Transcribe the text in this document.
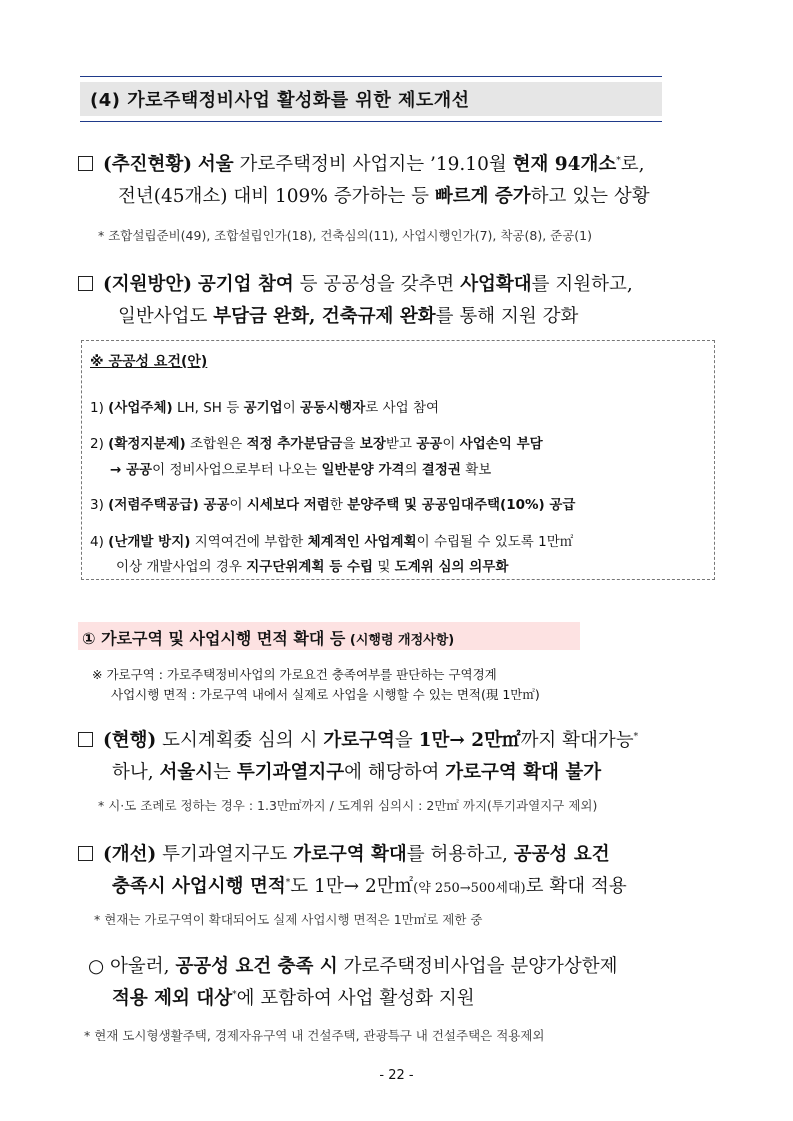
(4) 가로주택정비사업 활성화를 위한 제도개선
(추진현황) 서울 가로주택정비 사업지는 ’19.10월 현재 94개소*로,
전년(45개소) 대비 109% 증가하는 등 빠르게 증가하고 있는 상황
* 조합설립준비(49), 조합설립인가(18), 건축심의(11), 사업시행인가(7), 착공(8), 준공(1)
(지원방안) 공기업 참여 등 공공성을 갖추면 사업확대를 지원하고,
일반사업도 부담금 완화, 건축규제 완화를 통해 지원 강화
※ 공공성 요건(안)
1) (사업주체) LH, SH 등 공기업이 공동시행자로 사업 참여
2) (확정지분제) 조합원은 적정 추가분담금을 보장받고 공공이 사업손익 부담
→ 공공이 정비사업으로부터 나오는 일반분양 가격의 결정권 확보
3) (저렴주택공급) 공공이 시세보다 저렴한 분양주택 및 공공임대주택(10%) 공급
4) (난개발 방지) 지역여건에 부합한 체계적인 사업계획이 수립될 수 있도록 1만㎡
이상 개발사업의 경우 지구단위계획 등 수립 및 도계위 심의 의무화
① 가로구역 및 사업시행 면적 확대 등 (시행령 개정사항)
※ 가로구역 : 가로주택정비사업의 가로요건 충족여부를 판단하는 구역경계
사업시행 면적 : 가로구역 내에서 실제로 사업을 시행할 수 있는 면적(現 1만㎡)
(현행) 도시계획委 심의 시 가로구역을 1만→ 2만㎡까지 확대가능*
하나, 서울시는 투기과열지구에 해당하여 가로구역 확대 불가
* 시·도 조례로 정하는 경우 : 1.3만㎡까지 / 도계위 심의시 : 2만㎡ 까지(투기과열지구 제외)
(개선) 투기과열지구도 가로구역 확대를 허용하고, 공공성 요건
충족시 사업시행 면적*도 1만→ 2만㎡(약 250→500세대)로 확대 적용
* 현재는 가로구역이 확대되어도 실제 사업시행 면적은 1만㎡로 제한 중
○ 아울러, 공공성 요건 충족 시 가로주택정비사업을 분양가상한제
적용 제외 대상*에 포함하여 사업 활성화 지원
* 현재 도시형생활주택, 경제자유구역 내 건설주택, 관광특구 내 건설주택은 적용제외
- 22 -
